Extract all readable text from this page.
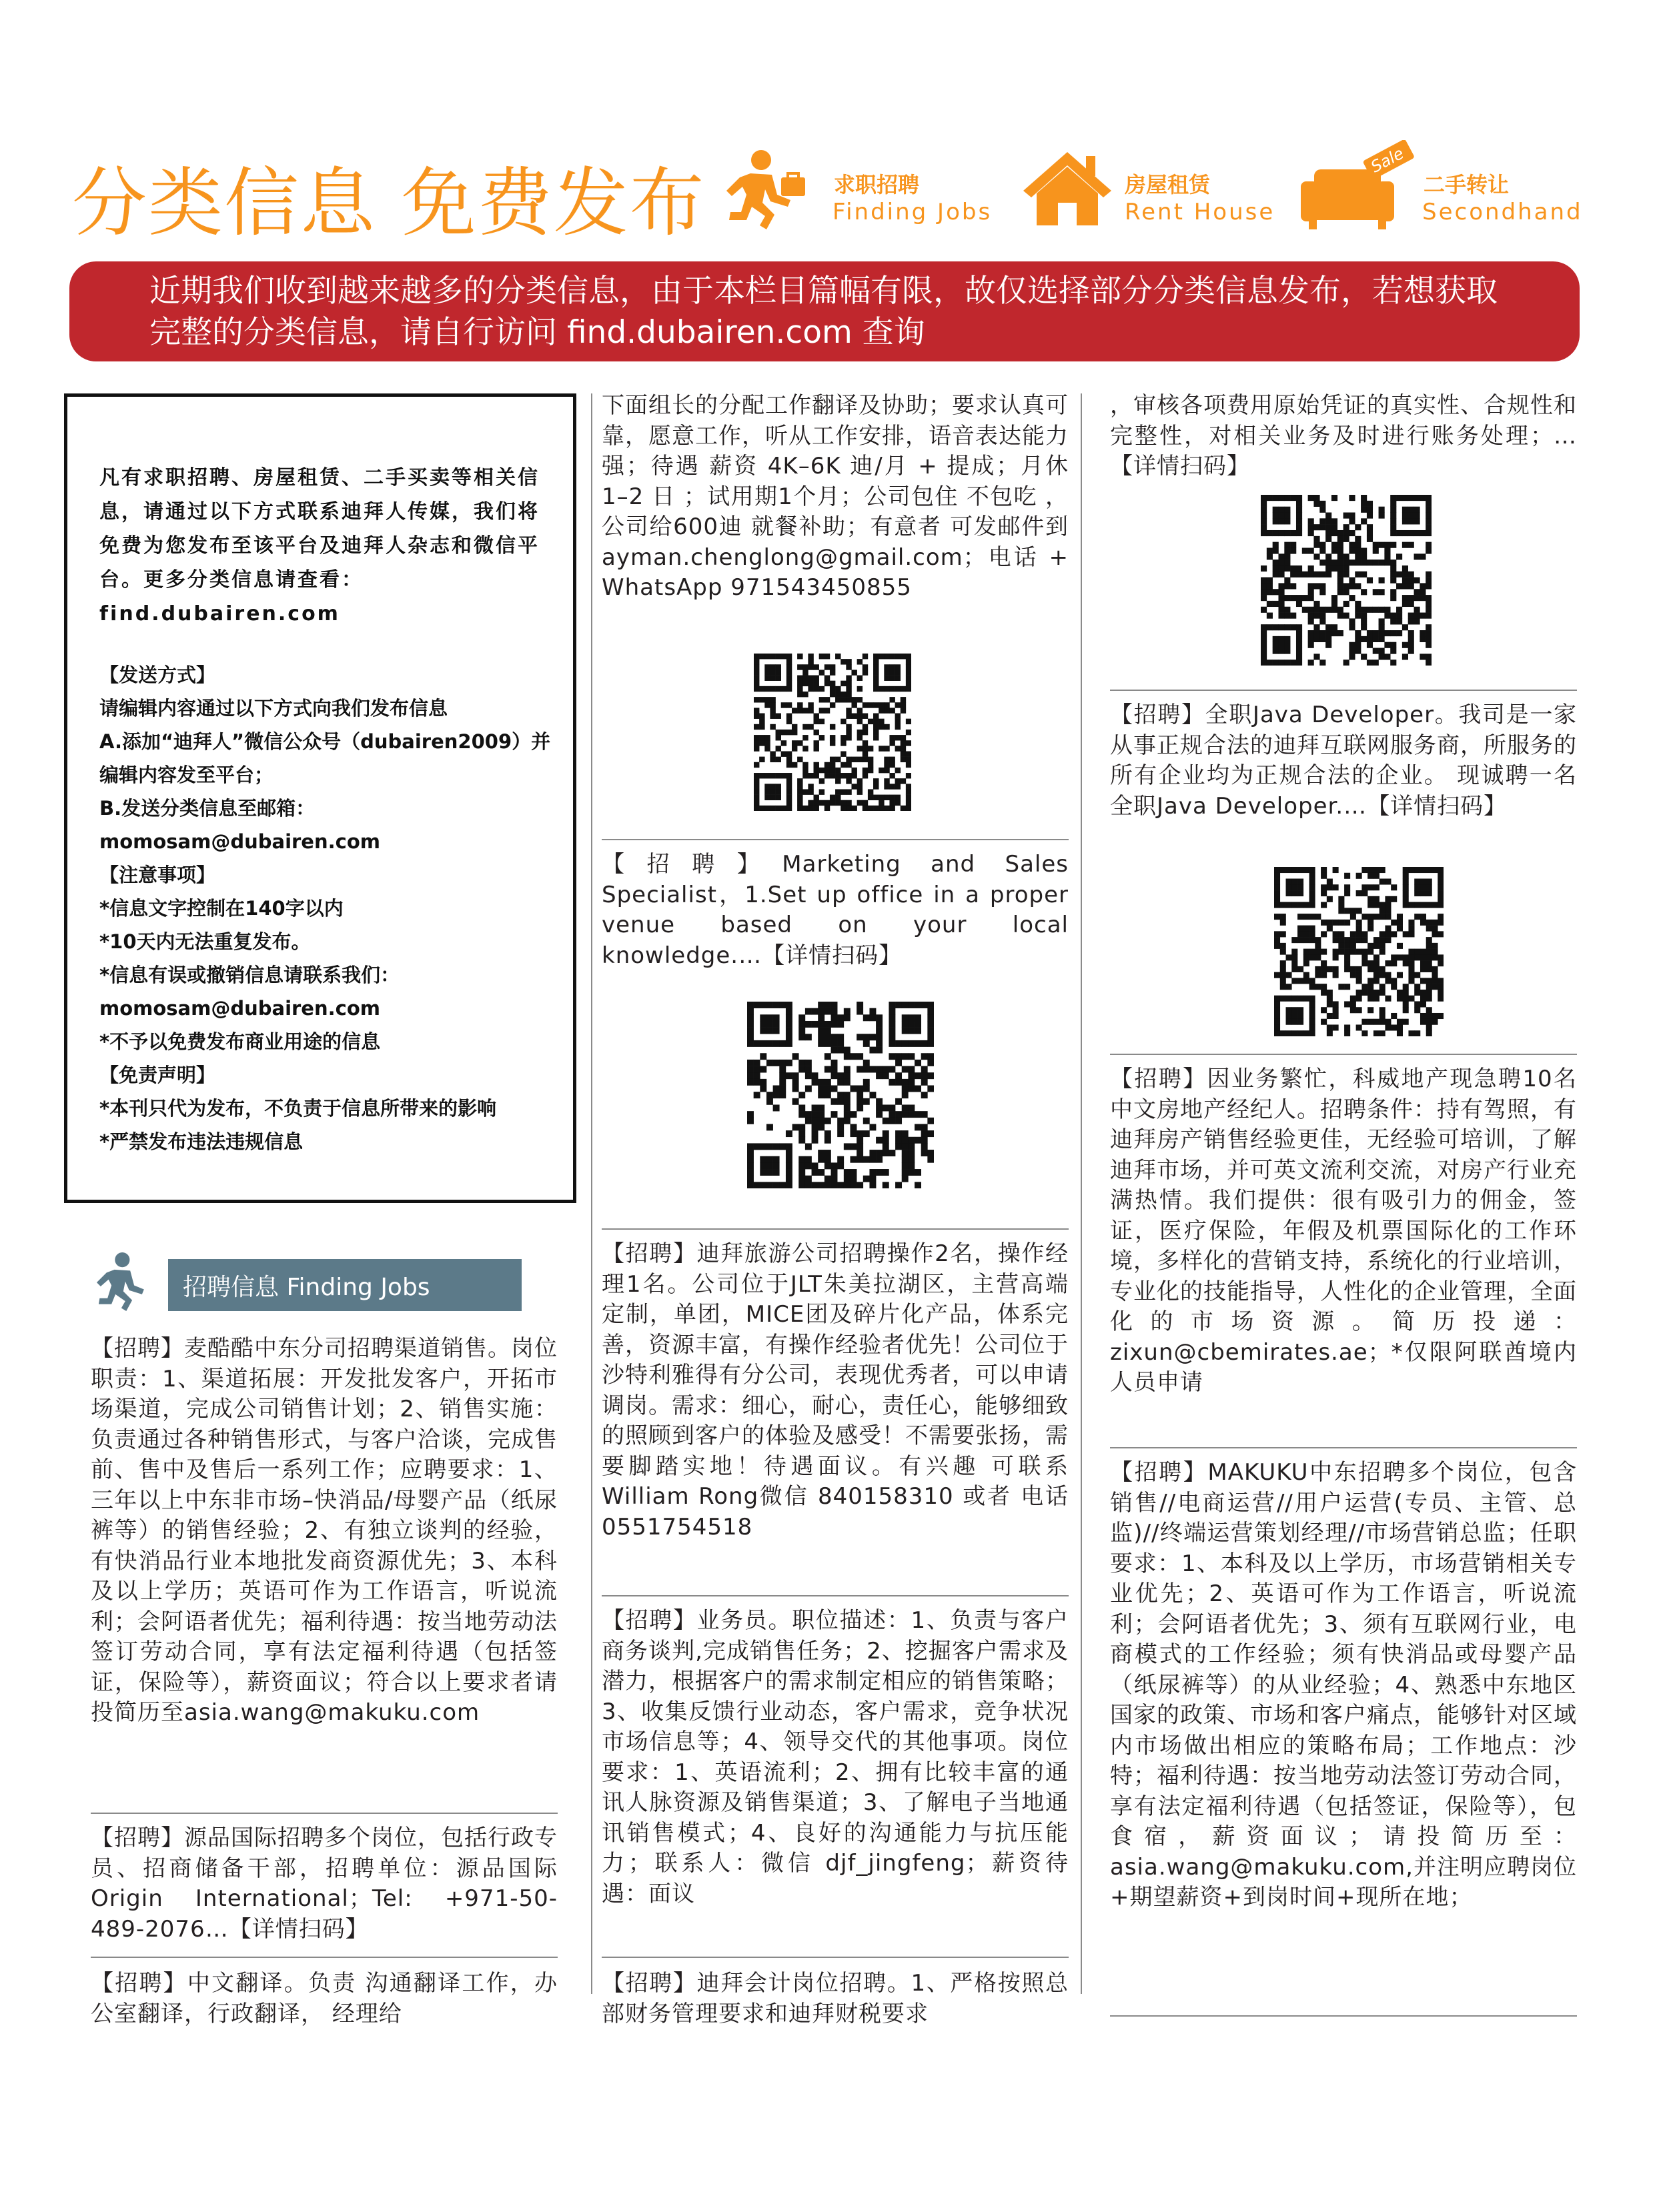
分类信息 免费发布	求职招聘
Finding Jobs
房屋租赁
Rent House
Sale
二手转让
Secondhand
近期我们收到越来越多的分类信息，由于本栏目篇幅有限，故仅选择部分分类信息发布，若想获取完整的分类信息，请自行访问 find.dubairen.com 查询
凡有求职招聘、房屋租赁、二手买卖等相关信息，请通过以下方式联系迪拜人传媒，我们将免费为您发布至该平台及迪拜人杂志和微信平台。更多分类信息请查看：find.dubairen.com
【发送方式】
请编辑内容通过以下方式向我们发布信息
A.添加“迪拜人”微信公众号（dubairen2009）并编辑内容发至平台；
B.发送分类信息至邮箱：
momosam@dubairen.com
【注意事项】
*信息文字控制在140字以内
*10天内无法重复发布。
*信息有误或撤销信息请联系我们：
momosam@dubairen.com
*不予以免费发布商业用途的信息
【免责声明】
*本刊只代为发布，不负责于信息所带来的影响
*严禁发布违法违规信息
招聘信息 Finding Jobs
【招聘】麦酷酷中东分司招聘渠道销售。岗位职责：1、渠道拓展：开发批发客户，开拓市场渠道，完成公司销售计划；2、销售实施：负责通过各种销售形式，与客户洽谈，完成售前、售中及售后一系列工作；应聘要求：1、三年以上中东非市场–快消品/母婴产品（纸尿裤等）的销售经验；2、有独立谈判的经验，有快消品行业本地批发商资源优先；3、本科及以上学历；英语可作为工作语言，听说流利；会阿语者优先；福利待遇：按当地劳动法签订劳动合同，享有法定福利待遇（包括签证，保险等），薪资面议；符合以上要求者请投简历至asia.wang@makuku.com
【招聘】源品国际招聘多个岗位，包括行政专员、招商储备干部，招聘单位：源品国际 Origin International；Tel: +971-50-489-2076…【详情扫码】
【招聘】中文翻译。负责 沟通翻译工作，办公室翻译，行政翻译， 经理给
下面组长的分配工作翻译及协助；要求认真可靠，愿意工作，听从工作安排，语音表达能力强；待遇 薪资 4K–6K 迪/月 + 提成；月休 1–2 日 ；试用期1个月；公司包住 不包吃 ， 公司给600迪 就餐补助；有意者 可发邮件到 ayman.chenglong@gmail.com；电话 + WhatsApp 971543450855
【招聘】Marketing and Sales Specialist，1.Set up office in a proper venue based on your local knowledge.…【详情扫码】
【招聘】迪拜旅游公司招聘操作2名，操作经理1名。公司位于JLT朱美拉湖区，主营高端定制，单团，MICE团及碎片化产品，体系完善，资源丰富，有操作经验者优先！公司位于沙特利雅得有分公司，表现优秀者，可以申请调岗。需求：细心，耐心，责任心，能够细致的照顾到客户的体验及感受！不需要张扬，需要脚踏实地！待遇面议。有兴趣 可联系William Rong微信 840158310 或者 电话 0551754518
【招聘】业务员。职位描述：1、负责与客户商务谈判,完成销售任务；2、挖掘客户需求及潜力，根据客户的需求制定相应的销售策略；3、收集反馈行业动态，客户需求，竞争状况市场信息等；4、领导交代的其他事项。岗位要求：1、英语流利；2、拥有比较丰富的通讯人脉资源及销售渠道；3、了解电子当地通讯销售模式；4、良好的沟通能力与抗压能力；联系人：微信 djf_jingfeng；薪资待遇：面议
【招聘】迪拜会计岗位招聘。1、严格按照总部财务管理要求和迪拜财税要求
，审核各项费用原始凭证的真实性、合规性和完整性，对相关业务及时进行账务处理；…【详情扫码】
【招聘】全职Java Developer。我司是一家从事正规合法的迪拜互联网服务商，所服务的所有企业均为正规合法的企业。 现诚聘一名全职Java Developer.…【详情扫码】
【招聘】因业务繁忙，科威地产现急聘10名中文房地产经纪人。招聘条件：持有驾照，有迪拜房产销售经验更佳，无经验可培训，了解迪拜市场，并可英文流利交流，对房产行业充满热情。我们提供：很有吸引力的佣金，签证，医疗保险，年假及机票国际化的工作环境，多样化的营销支持，系统化的行业培训，专业化的技能指导，人性化的企业管理，全面化的市场资源。简历投递：zixun@cbemirates.ae；*仅限阿联酋境内人员申请
【招聘】MAKUKU中东招聘多个岗位，包含销售//电商运营//用户运营(专员、主管、总监)//终端运营策划经理//市场营销总监；任职要求：1、本科及以上学历，市场营销相关专业优先；2、英语可作为工作语言，听说流利；会阿语者优先；3、须有互联网行业，电商模式的工作经验；须有快消品或母婴产品（纸尿裤等）的从业经验；4、熟悉中东地区国家的政策、市场和客户痛点，能够针对区域内市场做出相应的策略布局；工作地点：沙特；福利待遇：按当地劳动法签订劳动合同，享有法定福利待遇（包括签证，保险等），包食宿，薪资面议；请投简历至：asia.wang@makuku.com,并注明应聘岗位+期望薪资+到岗时间+现所在地；
